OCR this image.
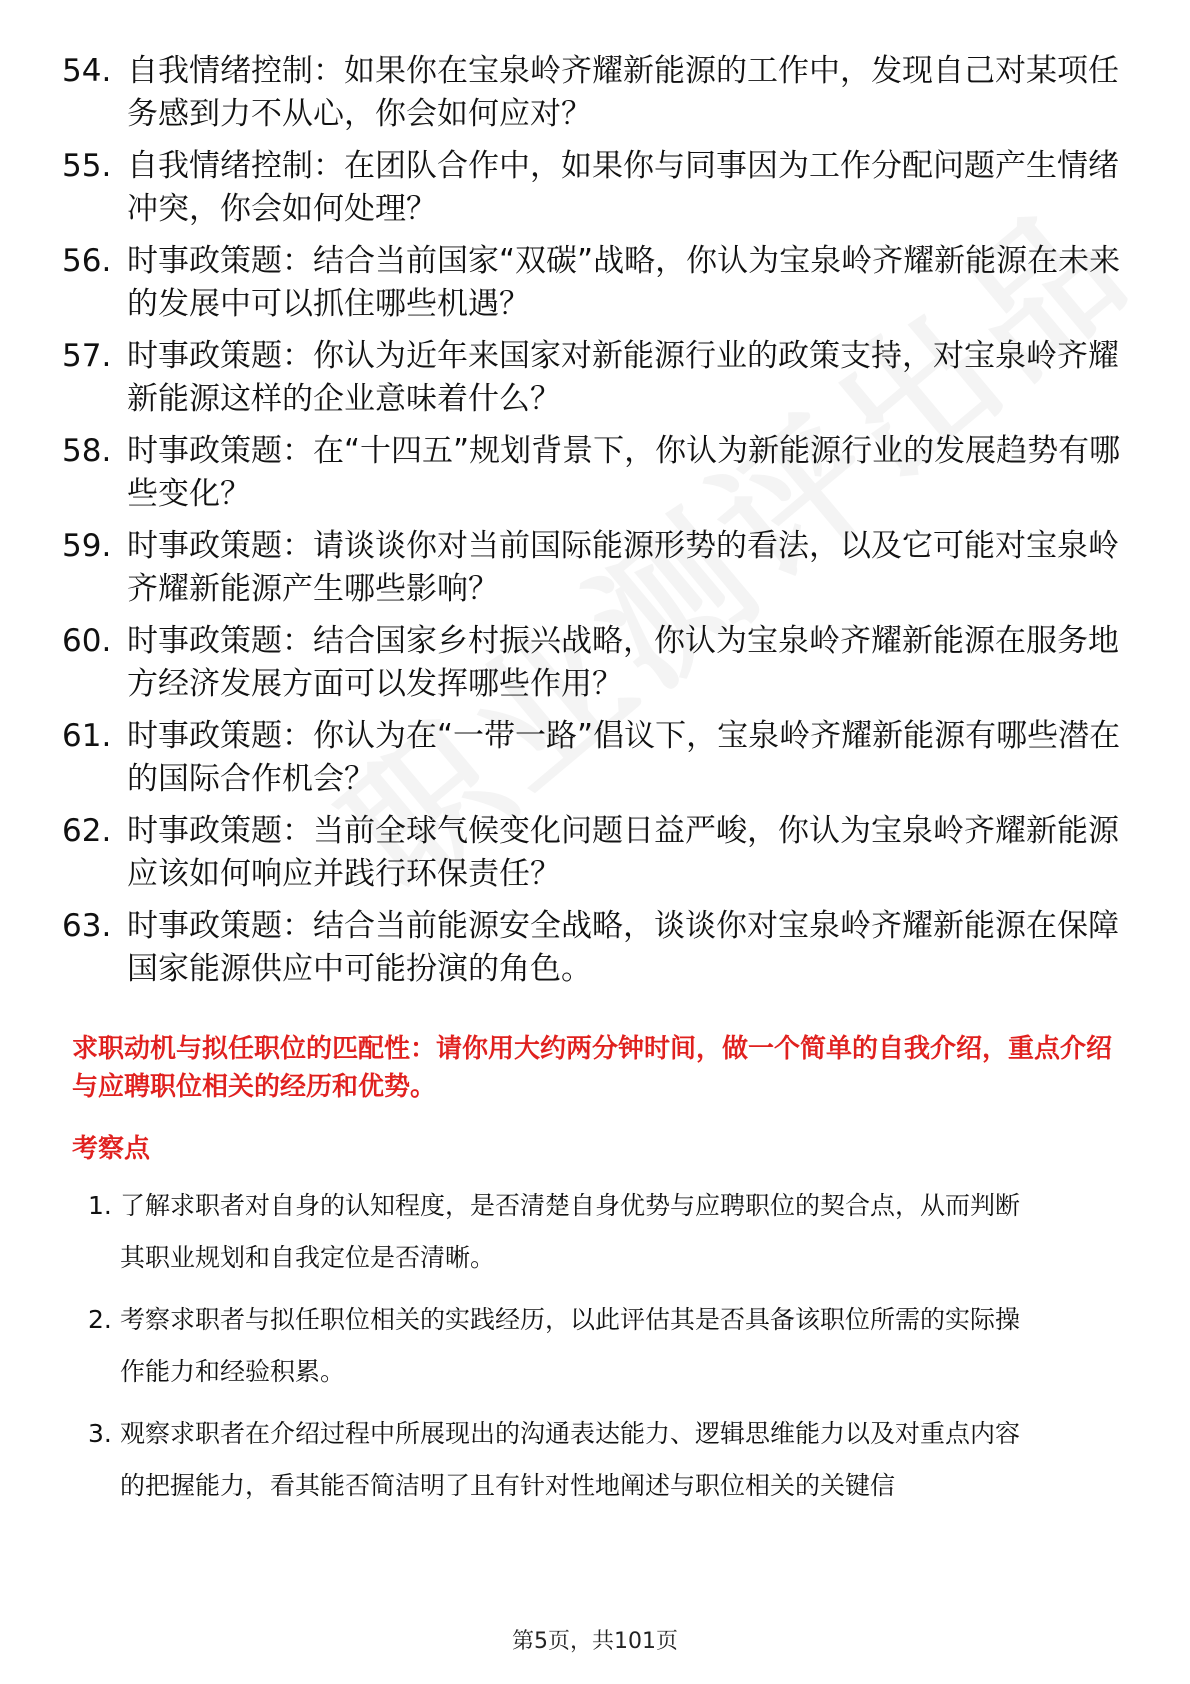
54. 自我情绪控制：如果你在宝泉岭齐耀新能源的工作中，发现自己对某项任务感到力不从心，你会如何应对？
55. 自我情绪控制：在团队合作中，如果你与同事因为工作分配问题产生情绪冲突，你会如何处理？
56. 时事政策题：结合当前国家“双碳”战略，你认为宝泉岭齐耀新能源在未来的发展中可以抓住哪些机遇？
57. 时事政策题：你认为近年来国家对新能源行业的政策支持，对宝泉岭齐耀新能源这样的企业意味着什么？
58. 时事政策题：在“十四五”规划背景下，你认为新能源行业的发展趋势有哪些变化？
59. 时事政策题：请谈谈你对当前国际能源形势的看法，以及它可能对宝泉岭齐耀新能源产生哪些影响？
60. 时事政策题：结合国家乡村振兴战略，你认为宝泉岭齐耀新能源在服务地方经济发展方面可以发挥哪些作用？
61. 时事政策题：你认为在“一带一路”倡议下，宝泉岭齐耀新能源有哪些潜在的国际合作机会？
62. 时事政策题：当前全球气候变化问题日益严峻，你认为宝泉岭齐耀新能源应该如何响应并践行环保责任？
63. 时事政策题：结合当前能源安全战略，谈谈你对宝泉岭齐耀新能源在保障国家能源供应中可能扮演的角色。

求职动机与拟任职位的匹配性：请你用大约两分钟时间，做一个简单的自我介绍，重点介绍与应聘职位相关的经历和优势。

考察点
1. 了解求职者对自身的认知程度，是否清楚自身优势与应聘职位的契合点，从而判断其职业规划和自我定位是否清晰。
2. 考察求职者与拟任职位相关的实践经历，以此评估其是否具备该职位所需的实际操作能力和经验积累。
3. 观察求职者在介绍过程中所展现出的沟通表达能力、逻辑思维能力以及对重点内容的把握能力，看其能否简洁明了且有针对性地阐述与职位相关的关键信
第5页，共101页
